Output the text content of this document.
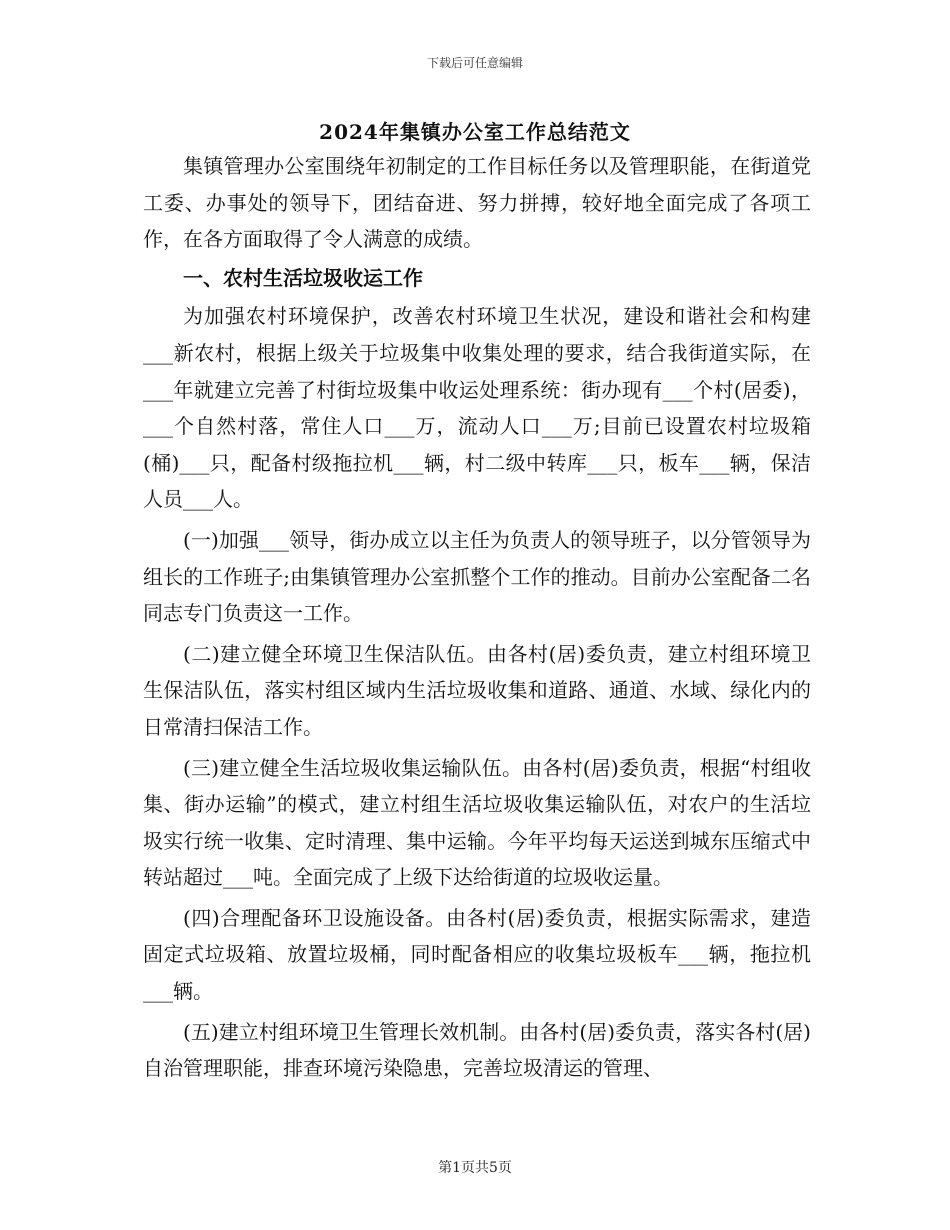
下载后可任意编辑
2024年集镇办公室工作总结范文

集镇管理办公室围绕年初制定的工作目标任务以及管理职能，在街道党工委、办事处的领导下，团结奋进、努力拼搏，较好地全面完成了各项工作，在各方面取得了令人满意的成绩。

一、农村生活垃圾收运工作

为加强农村环境保护，改善农村环境卫生状况，建设和谐社会和构建___新农村，根据上级关于垃圾集中收集处理的要求，结合我街道实际，在___年就建立完善了村街垃圾集中收运处理系统：街办现有___个村(居委)，___个自然村落，常住人口___万，流动人口___万;目前已设置农村垃圾箱(桶)___只，配备村级拖拉机___辆，村二级中转库___只，板车___辆，保洁人员___人。

(一)加强___领导，街办成立以主任为负责人的领导班子，以分管领导为组长的工作班子;由集镇管理办公室抓整个工作的推动。目前办公室配备二名同志专门负责这一工作。

(二)建立健全环境卫生保洁队伍。由各村(居)委负责，建立村组环境卫生保洁队伍，落实村组区域内生活垃圾收集和道路、通道、水域、绿化内的日常清扫保洁工作。

(三)建立健全生活垃圾收集运输队伍。由各村(居)委负责，根据“村组收集、街办运输”的模式，建立村组生活垃圾收集运输队伍，对农户的生活垃圾实行统一收集、定时清理、集中运输。今年平均每天运送到城东压缩式中转站超过___吨。全面完成了上级下达给街道的垃圾收运量。

(四)合理配备环卫设施设备。由各村(居)委负责，根据实际需求，建造固定式垃圾箱、放置垃圾桶，同时配备相应的收集垃圾板车___辆，拖拉机___辆。

(五)建立村组环境卫生管理长效机制。由各村(居)委负责，落实各村(居)自治管理职能，排查环境污染隐患，完善垃圾清运的管理、

第1页共5页
